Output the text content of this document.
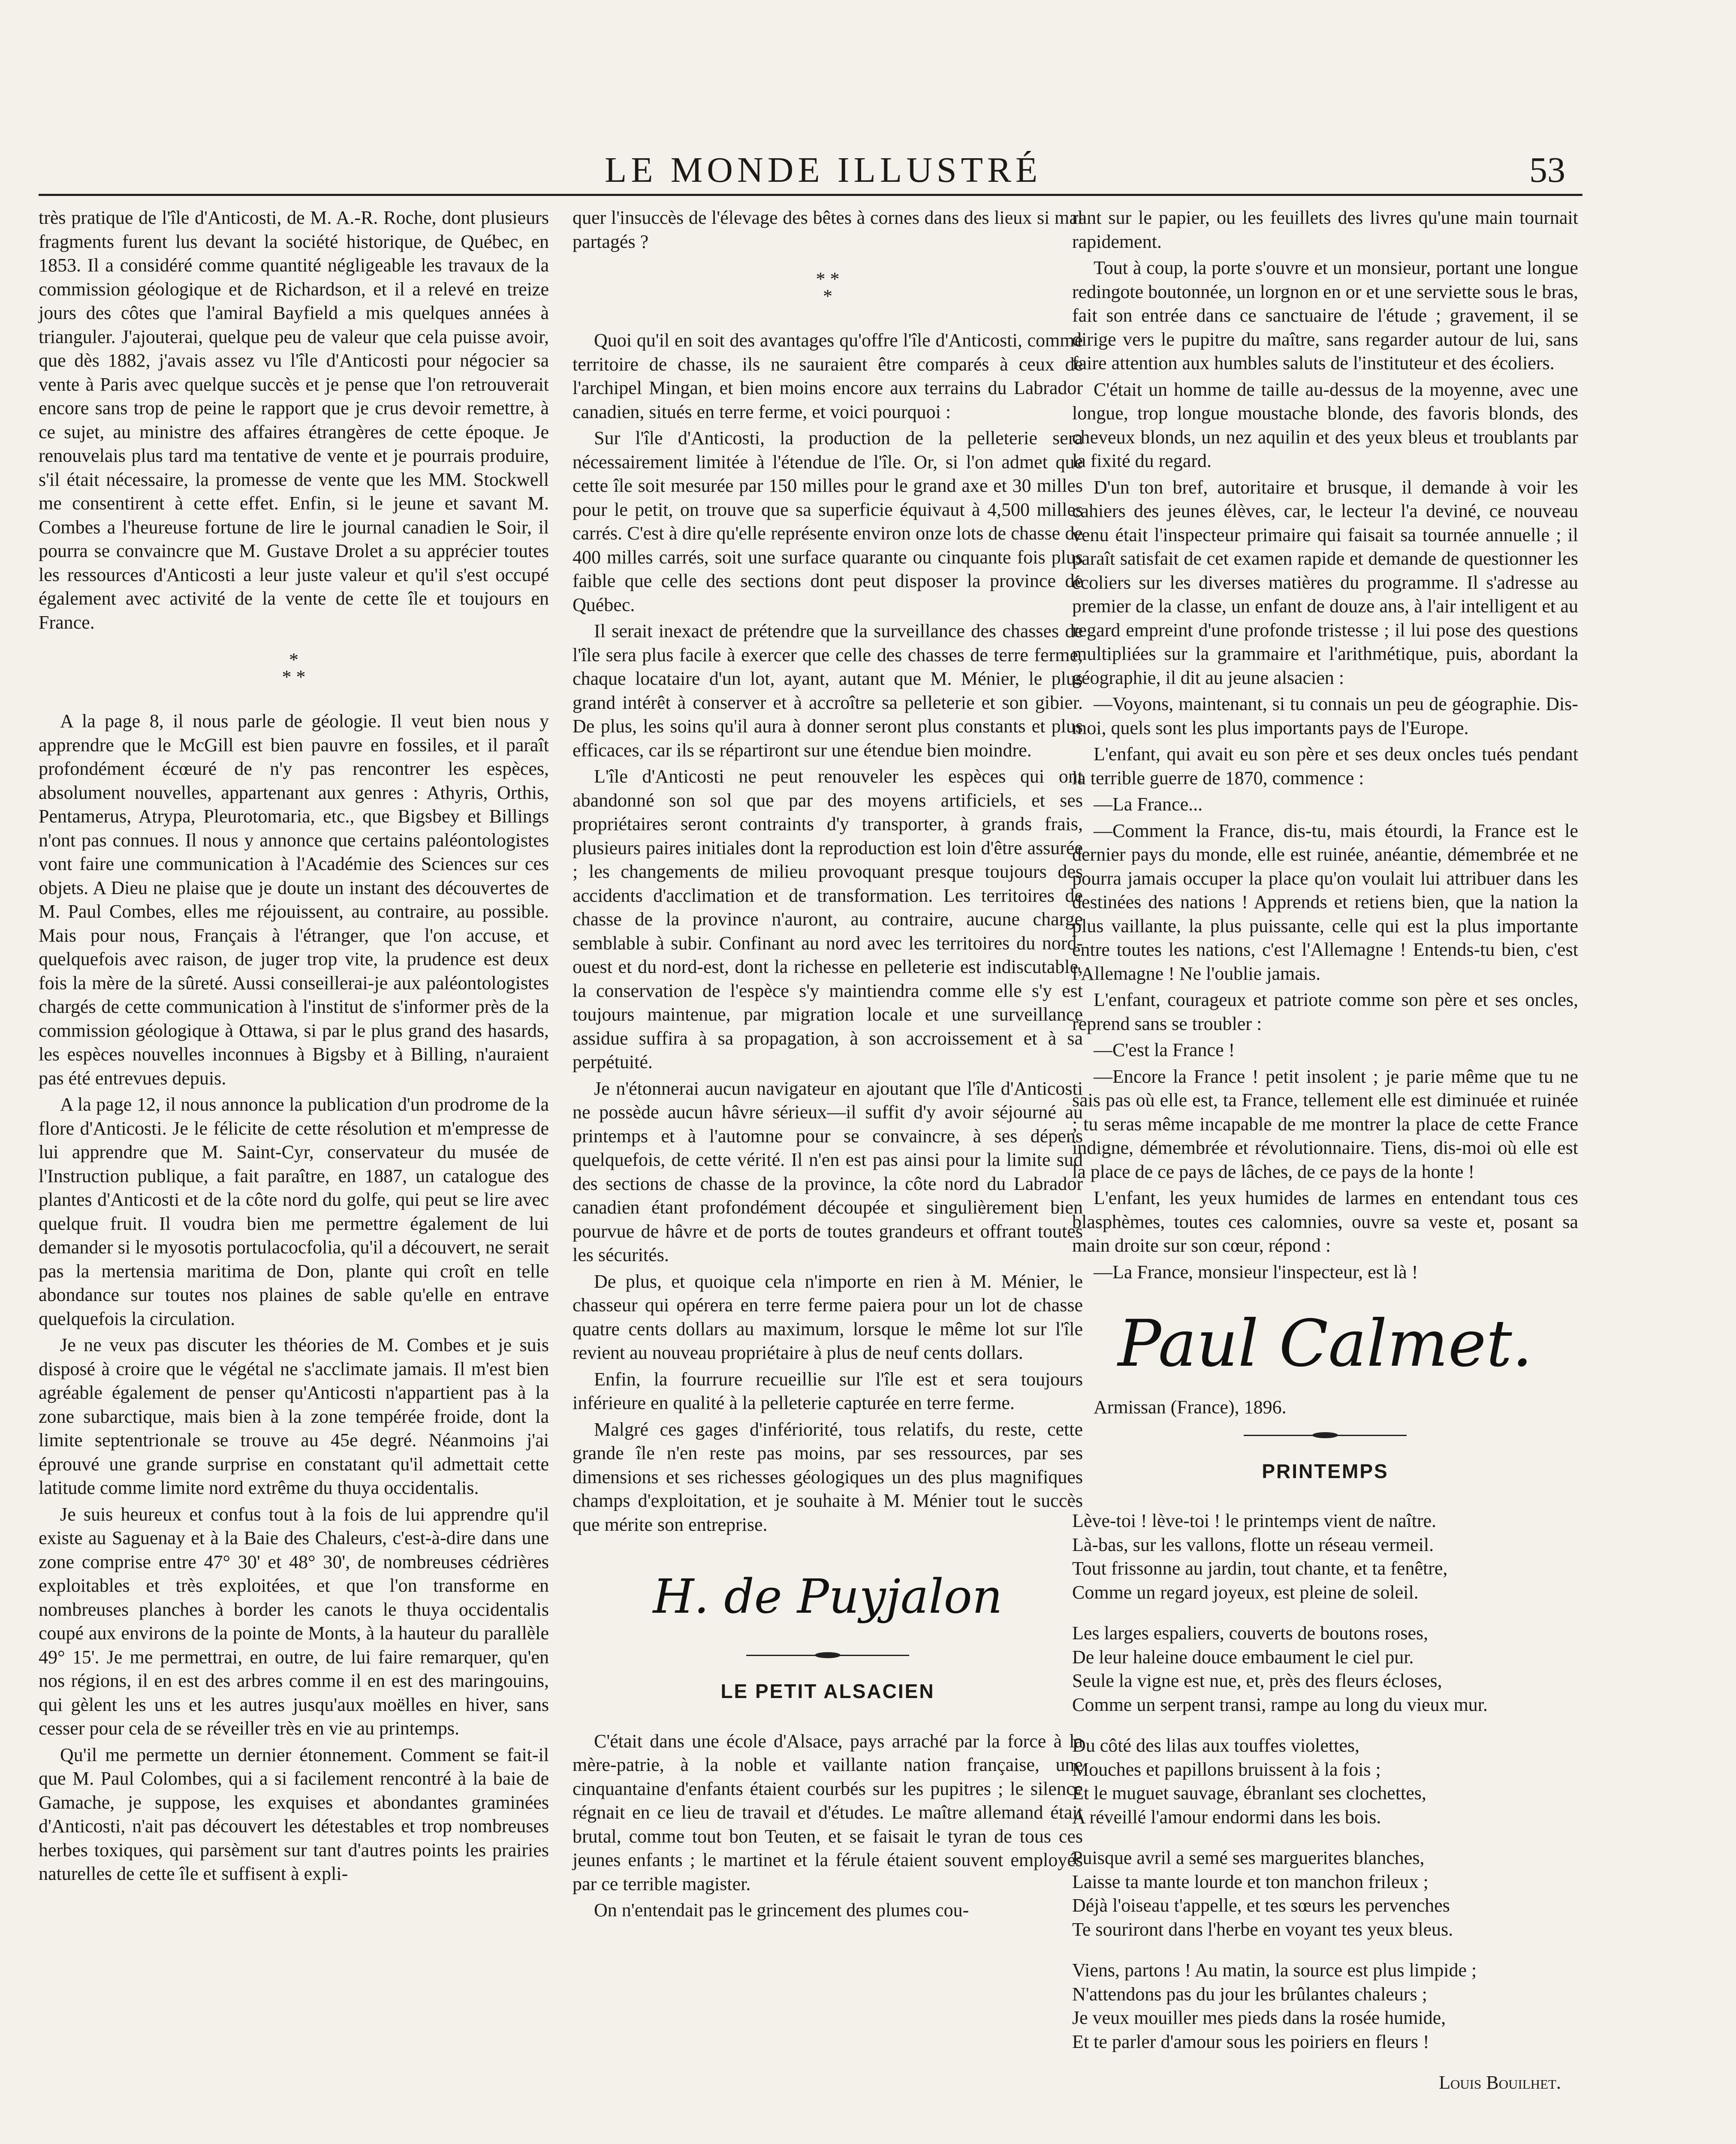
LE MONDE ILLUSTRÉ	53

très pratique de l'île d'Anticosti, de M. A.-R. Roche, dont plusieurs fragments furent lus devant la société historique, de Québec, en 1853. Il a considéré comme quantité négligeable les travaux de la commission géologique et de Richardson, et il a relevé en treize jours des côtes que l'amiral Bayfield a mis quelques années à trianguler. J'ajouterai, quelque peu de valeur que cela puisse avoir, que dès 1882, j'avais assez vu l'île d'Anticosti pour négocier sa vente à Paris avec quelque succès et je pense que l'on retrouverait encore sans trop de peine le rapport que je crus devoir remettre, à ce sujet, au ministre des affaires étrangères de cette époque. Je renouvelais plus tard ma tentative de vente et je pourrais produire, s'il était nécessaire, la promesse de vente que les MM. Stockwell me consentirent à cette effet. Enfin, si le jeune et savant M. Combes a l'heureuse fortune de lire le journal canadien le Soir, il pourra se convaincre que M. Gustave Drolet a su apprécier toutes les ressources d'Anticosti a leur juste valeur et qu'il s'est occupé également avec activité de la vente de cette île et toujours en France.

*
* *

A la page 8, il nous parle de géologie. Il veut bien nous y apprendre que le McGill est bien pauvre en fossiles, et il paraît profondément écœuré de n'y pas rencontrer les espèces, absolument nouvelles, appartenant aux genres : Athyris, Orthis, Pentamerus, Atrypa, Pleurotomaria, etc., que Bigsbey et Billings n'ont pas connues. Il nous y annonce que certains paléontologistes vont faire une communication à l'Académie des Sciences sur ces objets. A Dieu ne plaise que je doute un instant des découvertes de M. Paul Combes, elles me réjouissent, au contraire, au possible. Mais pour nous, Français à l'étranger, que l'on accuse, et quelquefois avec raison, de juger trop vite, la prudence est deux fois la mère de la sûreté. Aussi conseillerai-je aux paléontologistes chargés de cette communication à l'institut de s'informer près de la commission géologique à Ottawa, si par le plus grand des hasards, les espèces nouvelles inconnues à Bigsby et à Billing, n'auraient pas été entrevues depuis.

A la page 12, il nous annonce la publication d'un prodrome de la flore d'Anticosti. Je le félicite de cette résolution et m'empresse de lui apprendre que M. Saint-Cyr, conservateur du musée de l'Instruction publique, a fait paraître, en 1887, un catalogue des plantes d'Anticosti et de la côte nord du golfe, qui peut se lire avec quelque fruit. Il voudra bien me permettre également de lui demander si le myosotis portulacocfolia, qu'il a découvert, ne serait pas la mertensia maritima de Don, plante qui croît en telle abondance sur toutes nos plaines de sable qu'elle en entrave quelquefois la circulation.

Je ne veux pas discuter les théories de M. Combes et je suis disposé à croire que le végétal ne s'acclimate jamais. Il m'est bien agréable également de penser qu'Anticosti n'appartient pas à la zone subarctique, mais bien à la zone tempérée froide, dont la limite septentrionale se trouve au 45e degré. Néanmoins j'ai éprouvé une grande surprise en constatant qu'il admettait cette latitude comme limite nord extrême du thuya occidentalis.

Je suis heureux et confus tout à la fois de lui apprendre qu'il existe au Saguenay et à la Baie des Chaleurs, c'est-à-dire dans une zone comprise entre 47° 30' et 48° 30', de nombreuses cédrières exploitables et très exploitées, et que l'on transforme en nombreuses planches à border les canots le thuya occidentalis coupé aux environs de la pointe de Monts, à la hauteur du parallèle 49° 15'. Je me permettrai, en outre, de lui faire remarquer, qu'en nos régions, il en est des arbres comme il en est des maringouins, qui gèlent les uns et les autres jusqu'aux moëlles en hiver, sans cesser pour cela de se réveiller très en vie au printemps.

Qu'il me permette un dernier étonnement. Comment se fait-il que M. Paul Colombes, qui a si facilement rencontré à la baie de Gamache, je suppose, les exquises et abondantes graminées d'Anticosti, n'ait pas découvert les détestables et trop nombreuses herbes toxiques, qui parsèment sur tant d'autres points les prairies naturelles de cette île et suffisent à expli-

quer l'insuccès de l'élevage des bêtes à cornes dans des lieux si mal partagés ?

* *
*

Quoi qu'il en soit des avantages qu'offre l'île d'Anticosti, comme territoire de chasse, ils ne sauraient être comparés à ceux de l'archipel Mingan, et bien moins encore aux terrains du Labrador canadien, situés en terre ferme, et voici pourquoi :

Sur l'île d'Anticosti, la production de la pelleterie sera nécessairement limitée à l'étendue de l'île. Or, si l'on admet que cette île soit mesurée par 150 milles pour le grand axe et 30 milles pour le petit, on trouve que sa superficie équivaut à 4,500 milles carrés. C'est à dire qu'elle représente environ onze lots de chasse de 400 milles carrés, soit une surface quarante ou cinquante fois plus faible que celle des sections dont peut disposer la province de Québec.

Il serait inexact de prétendre que la surveillance des chasses de l'île sera plus facile à exercer que celle des chasses de terre ferme, chaque locataire d'un lot, ayant, autant que M. Ménier, le plus grand intérêt à conserver et à accroître sa pelleterie et son gibier. De plus, les soins qu'il aura à donner seront plus constants et plus efficaces, car ils se répartiront sur une étendue bien moindre.

L'île d'Anticosti ne peut renouveler les espèces qui ont abandonné son sol que par des moyens artificiels, et ses propriétaires seront contraints d'y transporter, à grands frais, plusieurs paires initiales dont la reproduction est loin d'être assurée ; les changements de milieu provoquant presque toujours des accidents d'acclimation et de transformation. Les territoires de chasse de la province n'auront, au contraire, aucune charge semblable à subir. Confinant au nord avec les territoires du nord-ouest et du nord-est, dont la richesse en pelleterie est indiscutable, la conservation de l'espèce s'y maintiendra comme elle s'y est toujours maintenue, par migration locale et une surveillance assidue suffira à sa propagation, à son accroissement et à sa perpétuité.

Je n'étonnerai aucun navigateur en ajoutant que l'île d'Anticosti ne possède aucun hâvre sérieux—il suffit d'y avoir séjourné au printemps et à l'automne pour se convaincre, à ses dépens quelquefois, de cette vérité. Il n'en est pas ainsi pour la limite sud des sections de chasse de la province, la côte nord du Labrador canadien étant profondément découpée et singulièrement bien pourvue de hâvre et de ports de toutes grandeurs et offrant toutes les sécurités.

De plus, et quoique cela n'importe en rien à M. Ménier, le chasseur qui opérera en terre ferme paiera pour un lot de chasse quatre cents dollars au maximum, lorsque le même lot sur l'île revient au nouveau propriétaire à plus de neuf cents dollars.

Enfin, la fourrure recueillie sur l'île est et sera toujours inférieure en qualité à la pelleterie capturée en terre ferme.

Malgré ces gages d'infériorité, tous relatifs, du reste, cette grande île n'en reste pas moins, par ses ressources, par ses dimensions et ses richesses géologiques un des plus magnifiques champs d'exploitation, et je souhaite à M. Ménier tout le succès que mérite son entreprise.

H. de Puyjalon
LE PETIT ALSACIEN

C'était dans une école d'Alsace, pays arraché par la force à la mère-patrie, à la noble et vaillante nation française, une cinquantaine d'enfants étaient courbés sur les pupitres ; le silence régnait en ce lieu de travail et d'études. Le maître allemand était brutal, comme tout bon Teuten, et se faisait le tyran de tous ces jeunes enfants ; le martinet et la férule étaient souvent employés par ce terrible magister.

On n'entendait pas le grincement des plumes cou-

rant sur le papier, ou les feuillets des livres qu'une main tournait rapidement.

Tout à coup, la porte s'ouvre et un monsieur, portant une longue redingote boutonnée, un lorgnon en or et une serviette sous le bras, fait son entrée dans ce sanctuaire de l'étude ; gravement, il se dirige vers le pupitre du maître, sans regarder autour de lui, sans faire attention aux humbles saluts de l'instituteur et des écoliers.

C'était un homme de taille au-dessus de la moyenne, avec une longue, trop longue moustache blonde, des favoris blonds, des cheveux blonds, un nez aquilin et des yeux bleus et troublants par la fixité du regard.

D'un ton bref, autoritaire et brusque, il demande à voir les cahiers des jeunes élèves, car, le lecteur l'a deviné, ce nouveau venu était l'inspecteur primaire qui faisait sa tournée annuelle ; il paraît satisfait de cet examen rapide et demande de questionner les écoliers sur les diverses matières du programme. Il s'adresse au premier de la classe, un enfant de douze ans, à l'air intelligent et au regard empreint d'une profonde tristesse ; il lui pose des questions multipliées sur la grammaire et l'arithmétique, puis, abordant la géographie, il dit au jeune alsacien :

—Voyons, maintenant, si tu connais un peu de géographie. Dis-moi, quels sont les plus importants pays de l'Europe.

L'enfant, qui avait eu son père et ses deux oncles tués pendant la terrible guerre de 1870, commence :

—La France...

—Comment la France, dis-tu, mais étourdi, la France est le dernier pays du monde, elle est ruinée, anéantie, démembrée et ne pourra jamais occuper la place qu'on voulait lui attribuer dans les destinées des nations ! Apprends et retiens bien, que la nation la plus vaillante, la plus puissante, celle qui est la plus importante entre toutes les nations, c'est l'Allemagne ! Entends-tu bien, c'est l'Allemagne ! Ne l'oublie jamais.

L'enfant, courageux et patriote comme son père et ses oncles, reprend sans se troubler :

—C'est la France !

—Encore la France ! petit insolent ; je parie même que tu ne sais pas où elle est, ta France, tellement elle est diminuée et ruinée ; tu seras même incapable de me montrer la place de cette France indigne, démembrée et révolutionnaire. Tiens, dis-moi où elle est la place de ce pays de lâches, de ce pays de la honte !

L'enfant, les yeux humides de larmes en entendant tous ces blasphèmes, toutes ces calomnies, ouvre sa veste et, posant sa main droite sur son cœur, répond :

—La France, monsieur l'inspecteur, est là !

Paul Calmet.

Armissan (France), 1896.

PRINTEMPS
Lève-toi ! lève-toi ! le printemps vient de naître.
Là-bas, sur les vallons, flotte un réseau vermeil.
Tout frissonne au jardin, tout chante, et ta fenêtre,
Comme un regard joyeux, est pleine de soleil.
Les larges espaliers, couverts de boutons roses,
De leur haleine douce embaument le ciel pur.
Seule la vigne est nue, et, près des fleurs écloses,
Comme un serpent transi, rampe au long du vieux mur.
Du côté des lilas aux touffes violettes,
Mouches et papillons bruissent à la fois ;
Et le muguet sauvage, ébranlant ses clochettes,
A réveillé l'amour endormi dans les bois.
Puisque avril a semé ses marguerites blanches,
Laisse ta mante lourde et ton manchon frileux ;
Déjà l'oiseau t'appelle, et tes sœurs les pervenches
Te souriront dans l'herbe en voyant tes yeux bleus.
Viens, partons ! Au matin, la source est plus limpide ;
N'attendons pas du jour les brûlantes chaleurs ;
Je veux mouiller mes pieds dans la rosée humide,
Et te parler d'amour sous les poiriers en fleurs !
Louis Bouilhet.
